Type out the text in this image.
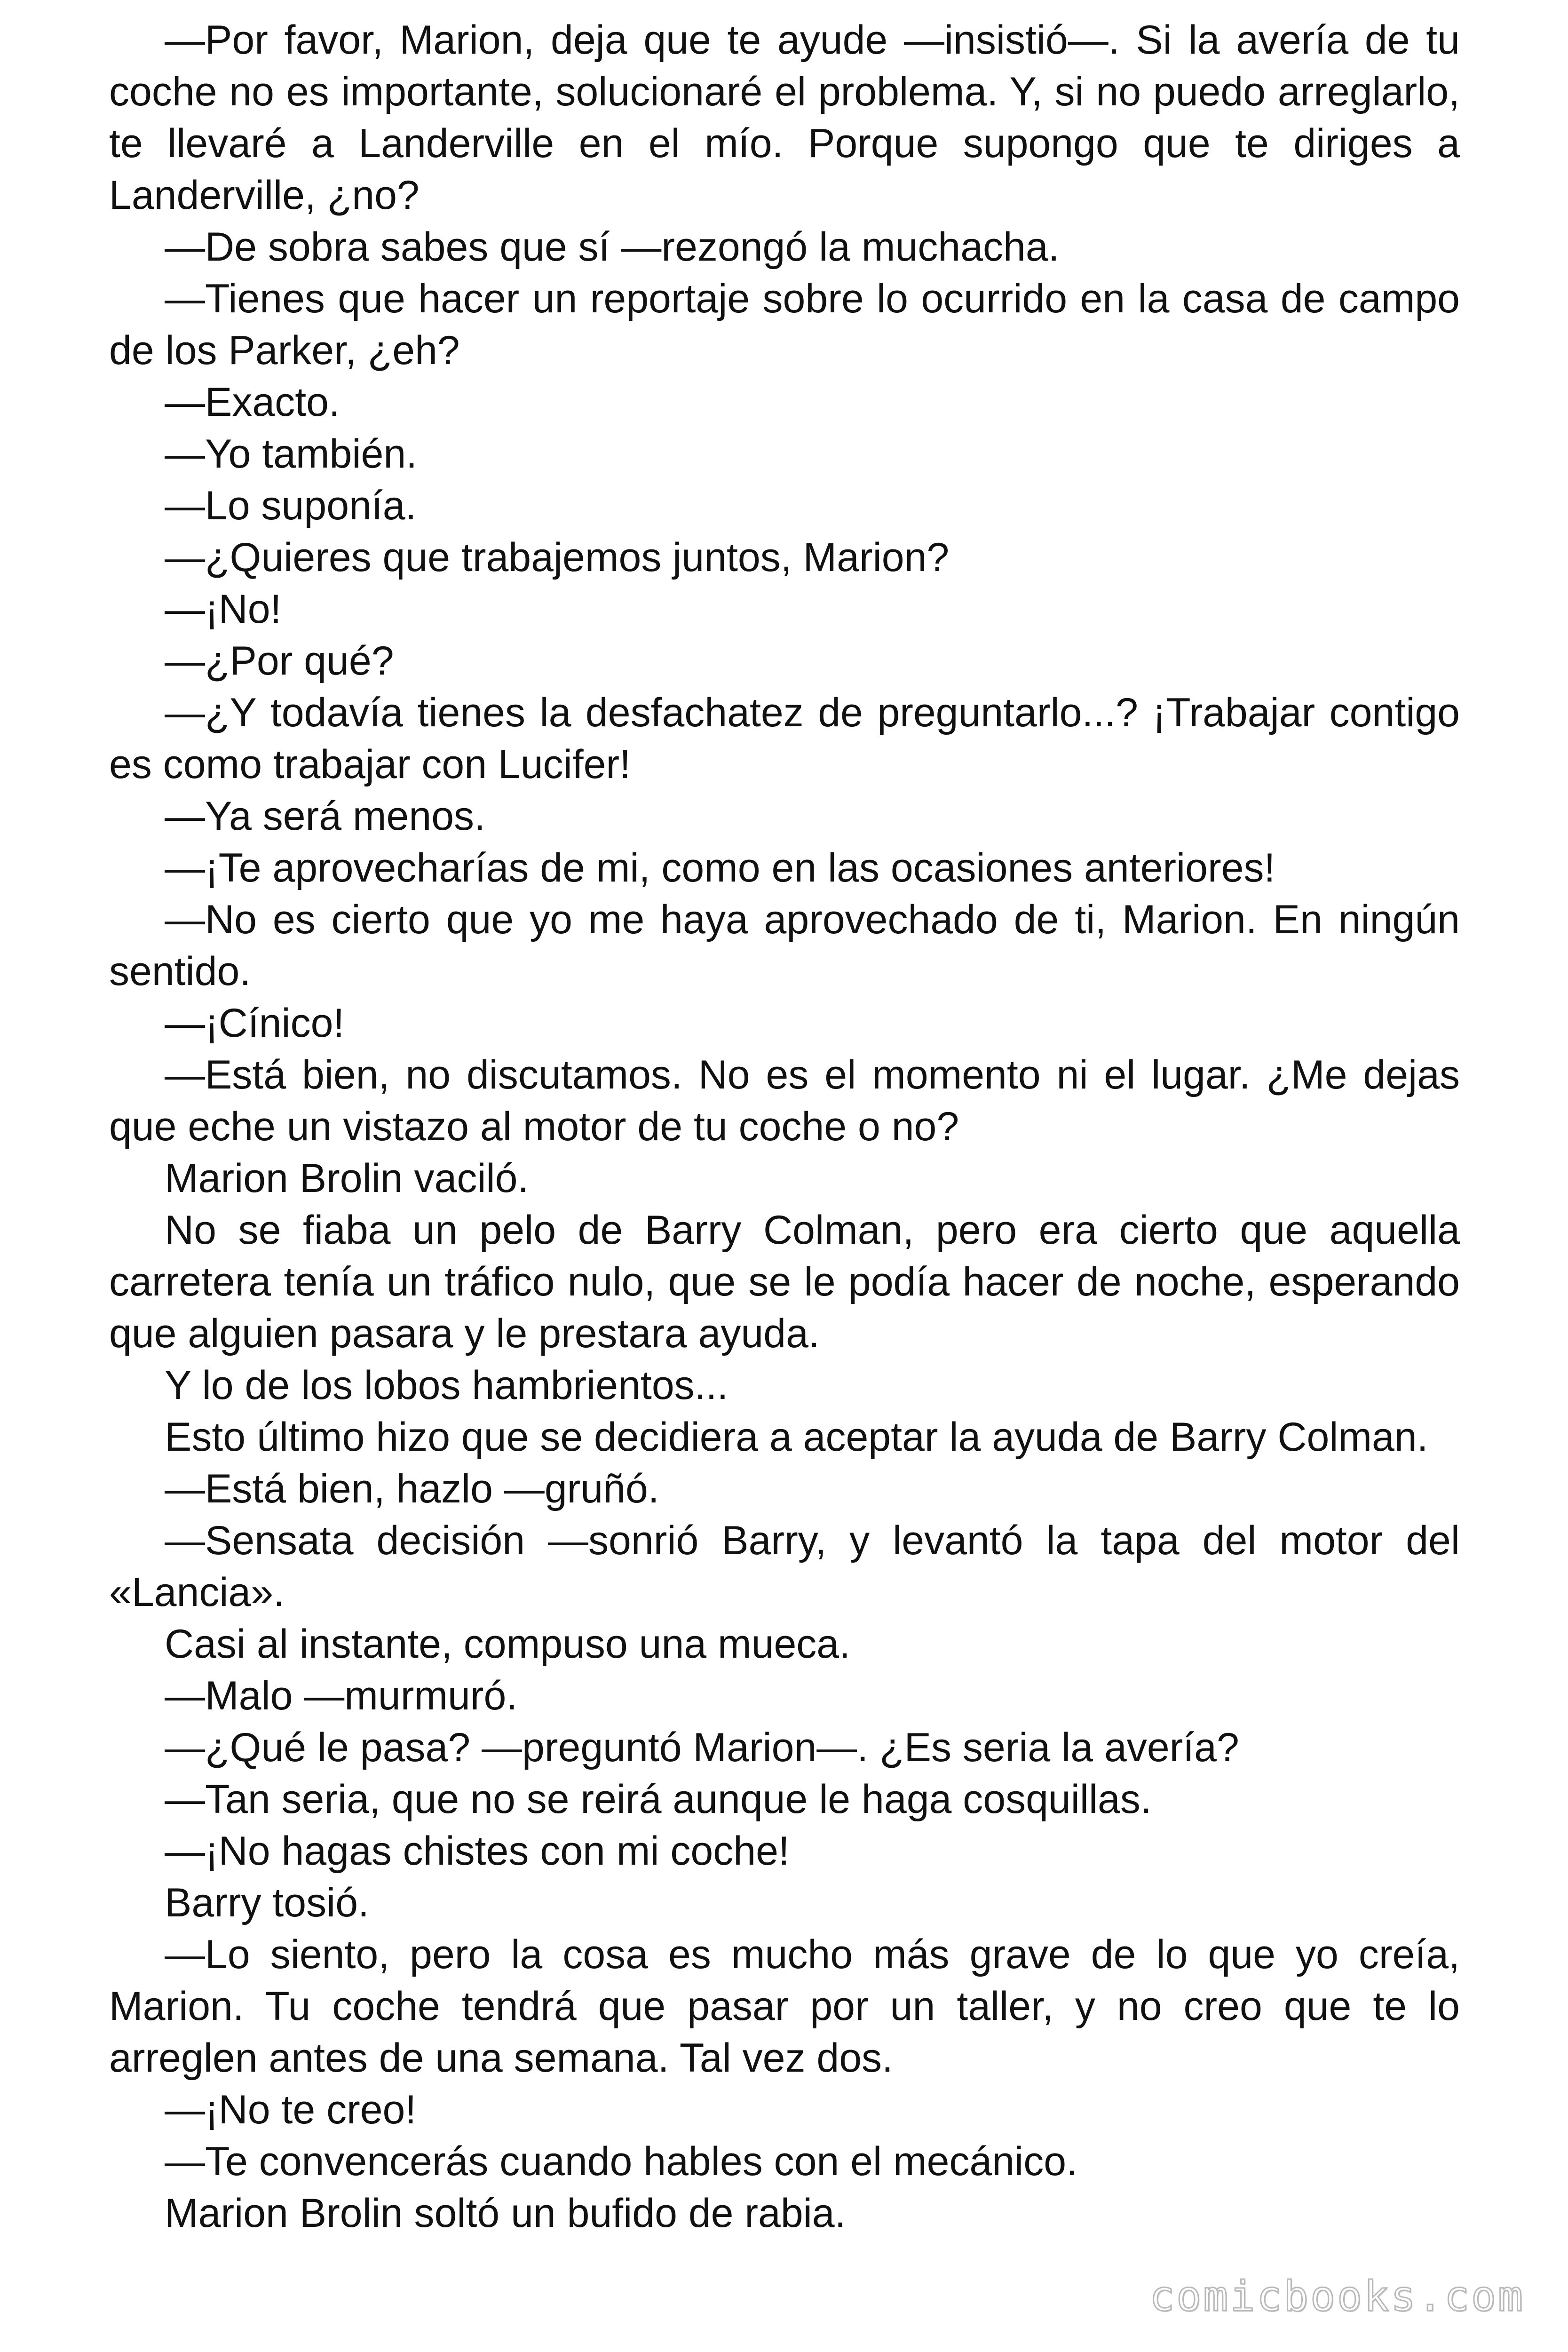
—Por favor, Marion, deja que te ayude —insistió—. Si la avería de tu coche no es importante, solucionaré el problema. Y, si no puedo arreglarlo, te llevaré a Landerville en el mío. Porque supongo que te diriges a Landerville, ¿no?

—De sobra sabes que sí —rezongó la muchacha.

—Tienes que hacer un reportaje sobre lo ocurrido en la casa de campo de los Parker, ¿eh?

—Exacto.

—Yo también.

—Lo suponía.

—¿Quieres que trabajemos juntos, Marion?

—¡No!

—¿Por qué?

—¿Y todavía tienes la desfachatez de preguntarlo...? ¡Trabajar contigo es como trabajar con Lucifer!

—Ya será menos.

—¡Te aprovecharías de mi, como en las ocasiones anteriores!

—No es cierto que yo me haya aprovechado de ti, Marion. En ningún sentido.

—¡Cínico!

—Está bien, no discutamos. No es el momento ni el lugar. ¿Me dejas que eche un vistazo al motor de tu coche o no?

Marion Brolin vaciló.

No se fiaba un pelo de Barry Colman, pero era cierto que aquella carretera tenía un tráfico nulo, que se le podía hacer de noche, esperando que alguien pasara y le prestara ayuda.

Y lo de los lobos hambrientos...

Esto último hizo que se decidiera a aceptar la ayuda de Barry Colman.

—Está bien, hazlo —gruñó.

—Sensata decisión —sonrió Barry, y levantó la tapa del motor del «Lancia».

Casi al instante, compuso una mueca.

—Malo —murmuró.

—¿Qué le pasa? —preguntó Marion—. ¿Es seria la avería?

—Tan seria, que no se reirá aunque le haga cosquillas.

—¡No hagas chistes con mi coche!

Barry tosió.

—Lo siento, pero la cosa es mucho más grave de lo que yo creía, Marion. Tu coche tendrá que pasar por un taller, y no creo que te lo arreglen antes de una semana. Tal vez dos.

—¡No te creo!

—Te convencerás cuando hables con el mecánico.

Marion Brolin soltó un bufido de rabia.

comicbooks.com
